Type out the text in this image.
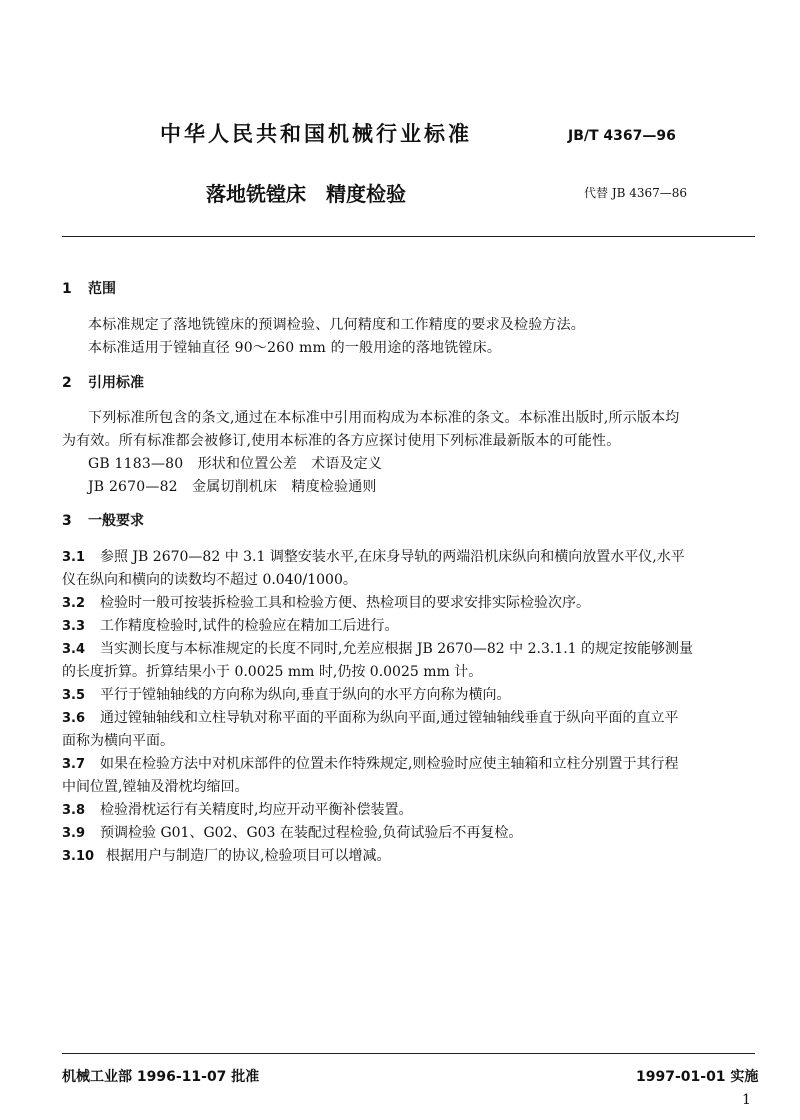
中华人民共和国机械行业标准	JB/T 4367—96
落地铣镗床　精度检验	代替 JB 4367—86
1 范围
本标准规定了落地铣镗床的预调检验、几何精度和工作精度的要求及检验方法。
本标准适用于镗轴直径 90～260 mm 的一般用途的落地铣镗床。
2 引用标准
下列标准所包含的条文,通过在本标准中引用而构成为本标准的条文。本标准出版时,所示版本均
为有效。所有标准都会被修订,使用本标准的各方应探讨使用下列标准最新版本的可能性。
GB 1183—80　形状和位置公差　术语及定义
JB 2670—82　金属切削机床　精度检验通则
3 一般要求
3.1 参照 JB 2670—82 中 3.1 调整安装水平,在床身导轨的两端沿机床纵向和横向放置水平仪,水平
仪在纵向和横向的读数均不超过 0.040/1000。
3.2 检验时一般可按装拆检验工具和检验方便、热检项目的要求安排实际检验次序。
3.3 工作精度检验时,试件的检验应在精加工后进行。
3.4 当实测长度与本标准规定的长度不同时,允差应根据 JB 2670—82 中 2.3.1.1 的规定按能够测量
的长度折算。折算结果小于 0.0025 mm 时,仍按 0.0025 mm 计。
3.5 平行于镗轴轴线的方向称为纵向,垂直于纵向的水平方向称为横向。
3.6 通过镗轴轴线和立柱导轨对称平面的平面称为纵向平面,通过镗轴轴线垂直于纵向平面的直立平
面称为横向平面。
3.7 如果在检验方法中对机床部件的位置未作特殊规定,则检验时应使主轴箱和立柱分别置于其行程
中间位置,镗轴及滑枕均缩回。
3.8 检验滑枕运行有关精度时,均应开动平衡补偿装置。
3.9 预调检验 G01、G02、G03 在装配过程检验,负荷试验后不再复检。
3.10 根据用户与制造厂的协议,检验项目可以增减。
机械工业部 1996-11-07 批准	1997-01-01 实施
1
